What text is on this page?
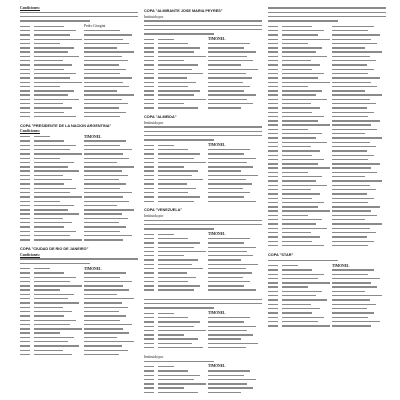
Condiciones:
Pedro Giorgini
COPA "PRESIDENTE DE LA NACION ARGENTINA"
Condiciones:
TIMONEL
COPA "CIUDAD DE RIO DE JANEIRO"
Condiciones:
TIMONEL
COPA "ALMIRANTE JOSE MARIA PEYRES"
Instituida por
TIMONEL
COPA "ALMEIDA"
Instituida por
TIMONEL
COPA "VENEZUELA"
Instituida por
TIMONEL
TIMONEL
Instituida por
TIMONEL
COPA "STAR"
TIMONEL
